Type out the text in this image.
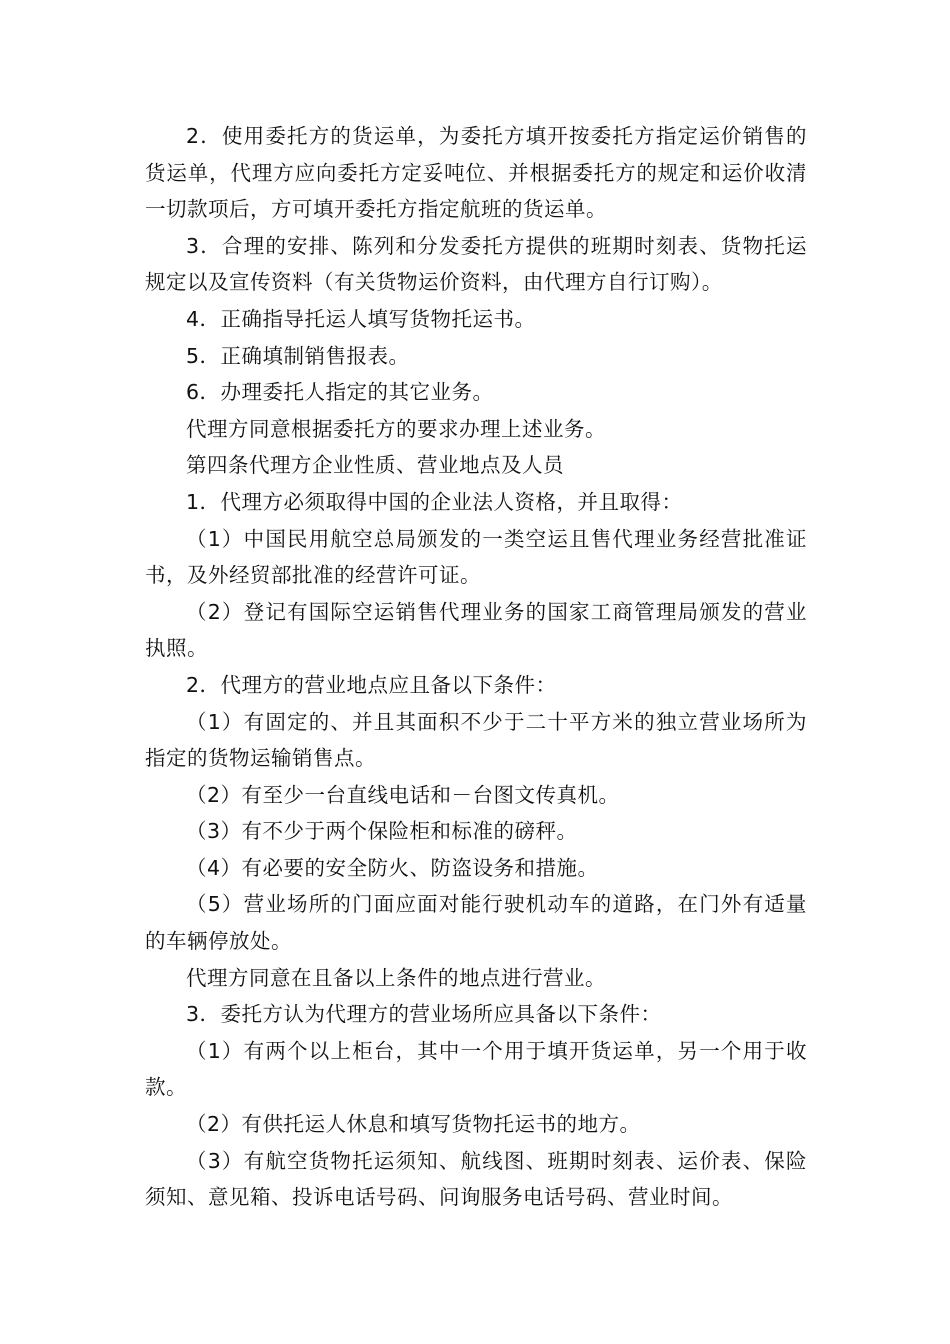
2．使用委托方的货运单，为委托方填开按委托方指定运价销售的货运单，代理方应向委托方定妥吨位、并根据委托方的规定和运价收清一切款项后，方可填开委托方指定航班的货运单。

3．合理的安排、陈列和分发委托方提供的班期时刻表、货物托运规定以及宣传资料（有关货物运价资料，由代理方自行订购）。

4．正确指导托运人填写货物托运书。

5．正确填制销售报表。

6．办理委托人指定的其它业务。

代理方同意根据委托方的要求办理上述业务。

第四条代理方企业性质、营业地点及人员

1．代理方必须取得中国的企业法人资格，并且取得：

（1）中国民用航空总局颁发的一类空运且售代理业务经营批准证书，及外经贸部批准的经营许可证。

（2）登记有国际空运销售代理业务的国家工商管理局颁发的营业执照。

2．代理方的营业地点应且备以下条件：

（1）有固定的、并且其面积不少于二十平方米的独立营业场所为指定的货物运输销售点。

（2）有至少一台直线电话和－台图文传真机。

（3）有不少于两个保险柜和标准的磅秤。

（4）有必要的安全防火、防盗设务和措施。

（5）营业场所的门面应面对能行驶机动车的道路，在门外有适量的车辆停放处。

代理方同意在且备以上条件的地点进行营业。

3．委托方认为代理方的营业场所应具备以下条件：

（1）有两个以上柜台，其中一个用于填开货运单，另一个用于收款。

（2）有供托运人休息和填写货物托运书的地方。

（3）有航空货物托运须知、航线图、班期时刻表、运价表、保险须知、意见箱、投诉电话号码、问询服务电话号码、营业时间。
